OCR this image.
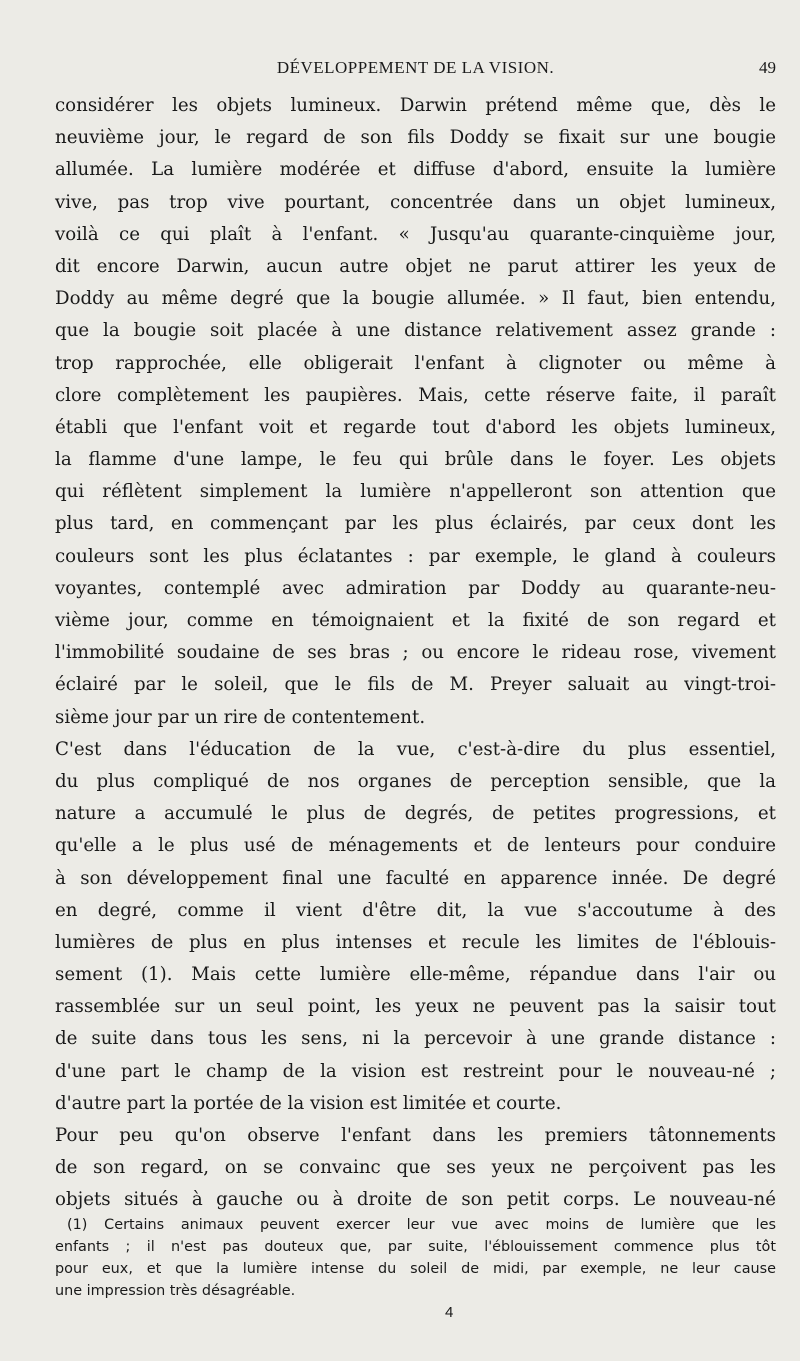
DÉVELOPPEMENT DE LA VISION.	49
considérer les objets lumineux. Darwin prétend même que, dès le
neuvième jour, le regard de son fils Doddy se fixait sur une bougie
allumée. La lumière modérée et diffuse d'abord, ensuite la lumière
vive, pas trop vive pourtant, concentrée dans un objet lumineux,
voilà ce qui plaît à l'enfant. « Jusqu'au quarante-cinquième jour,
dit encore Darwin, aucun autre objet ne parut attirer les yeux de
Doddy au même degré que la bougie allumée. » Il faut, bien entendu,
que la bougie soit placée à une distance relativement assez grande :
trop rapprochée, elle obligerait l'enfant à clignoter ou même à
clore complètement les paupières. Mais, cette réserve faite, il paraît
établi que l'enfant voit et regarde tout d'abord les objets lumineux,
la flamme d'une lampe, le feu qui brûle dans le foyer. Les objets
qui réflètent simplement la lumière n'appelleront son attention que
plus tard, en commençant par les plus éclairés, par ceux dont les
couleurs sont les plus éclatantes : par exemple, le gland à couleurs
voyantes, contemplé avec admiration par Doddy au quarante-neu-
vième jour, comme en témoignaient et la fixité de son regard et
l'immobilité soudaine de ses bras ; ou encore le rideau rose, vivement
éclairé par le soleil, que le fils de M. Preyer saluait au vingt-troi-
sième jour par un rire de contentement.
C'est dans l'éducation de la vue, c'est-à-dire du plus essentiel,
du plus compliqué de nos organes de perception sensible, que la
nature a accumulé le plus de degrés, de petites progressions, et
qu'elle a le plus usé de ménagements et de lenteurs pour conduire
à son développement final une faculté en apparence innée. De degré
en degré, comme il vient d'être dit, la vue s'accoutume à des
lumières de plus en plus intenses et recule les limites de l'éblouis-
sement (1). Mais cette lumière elle-même, répandue dans l'air ou
rassemblée sur un seul point, les yeux ne peuvent pas la saisir tout
de suite dans tous les sens, ni la percevoir à une grande distance :
d'une part le champ de la vision est restreint pour le nouveau-né ;
d'autre part la portée de la vision est limitée et courte.
Pour peu qu'on observe l'enfant dans les premiers tâtonnements
de son regard, on se convainc que ses yeux ne perçoivent pas les
objets situés à gauche ou à droite de son petit corps. Le nouveau-né
(1) Certains animaux peuvent exercer leur vue avec moins de lumière que les
enfants ; il n'est pas douteux que, par suite, l'éblouissement commence plus tôt
pour eux, et que la lumière intense du soleil de midi, par exemple, ne leur cause
une impression très désagréable.
4
